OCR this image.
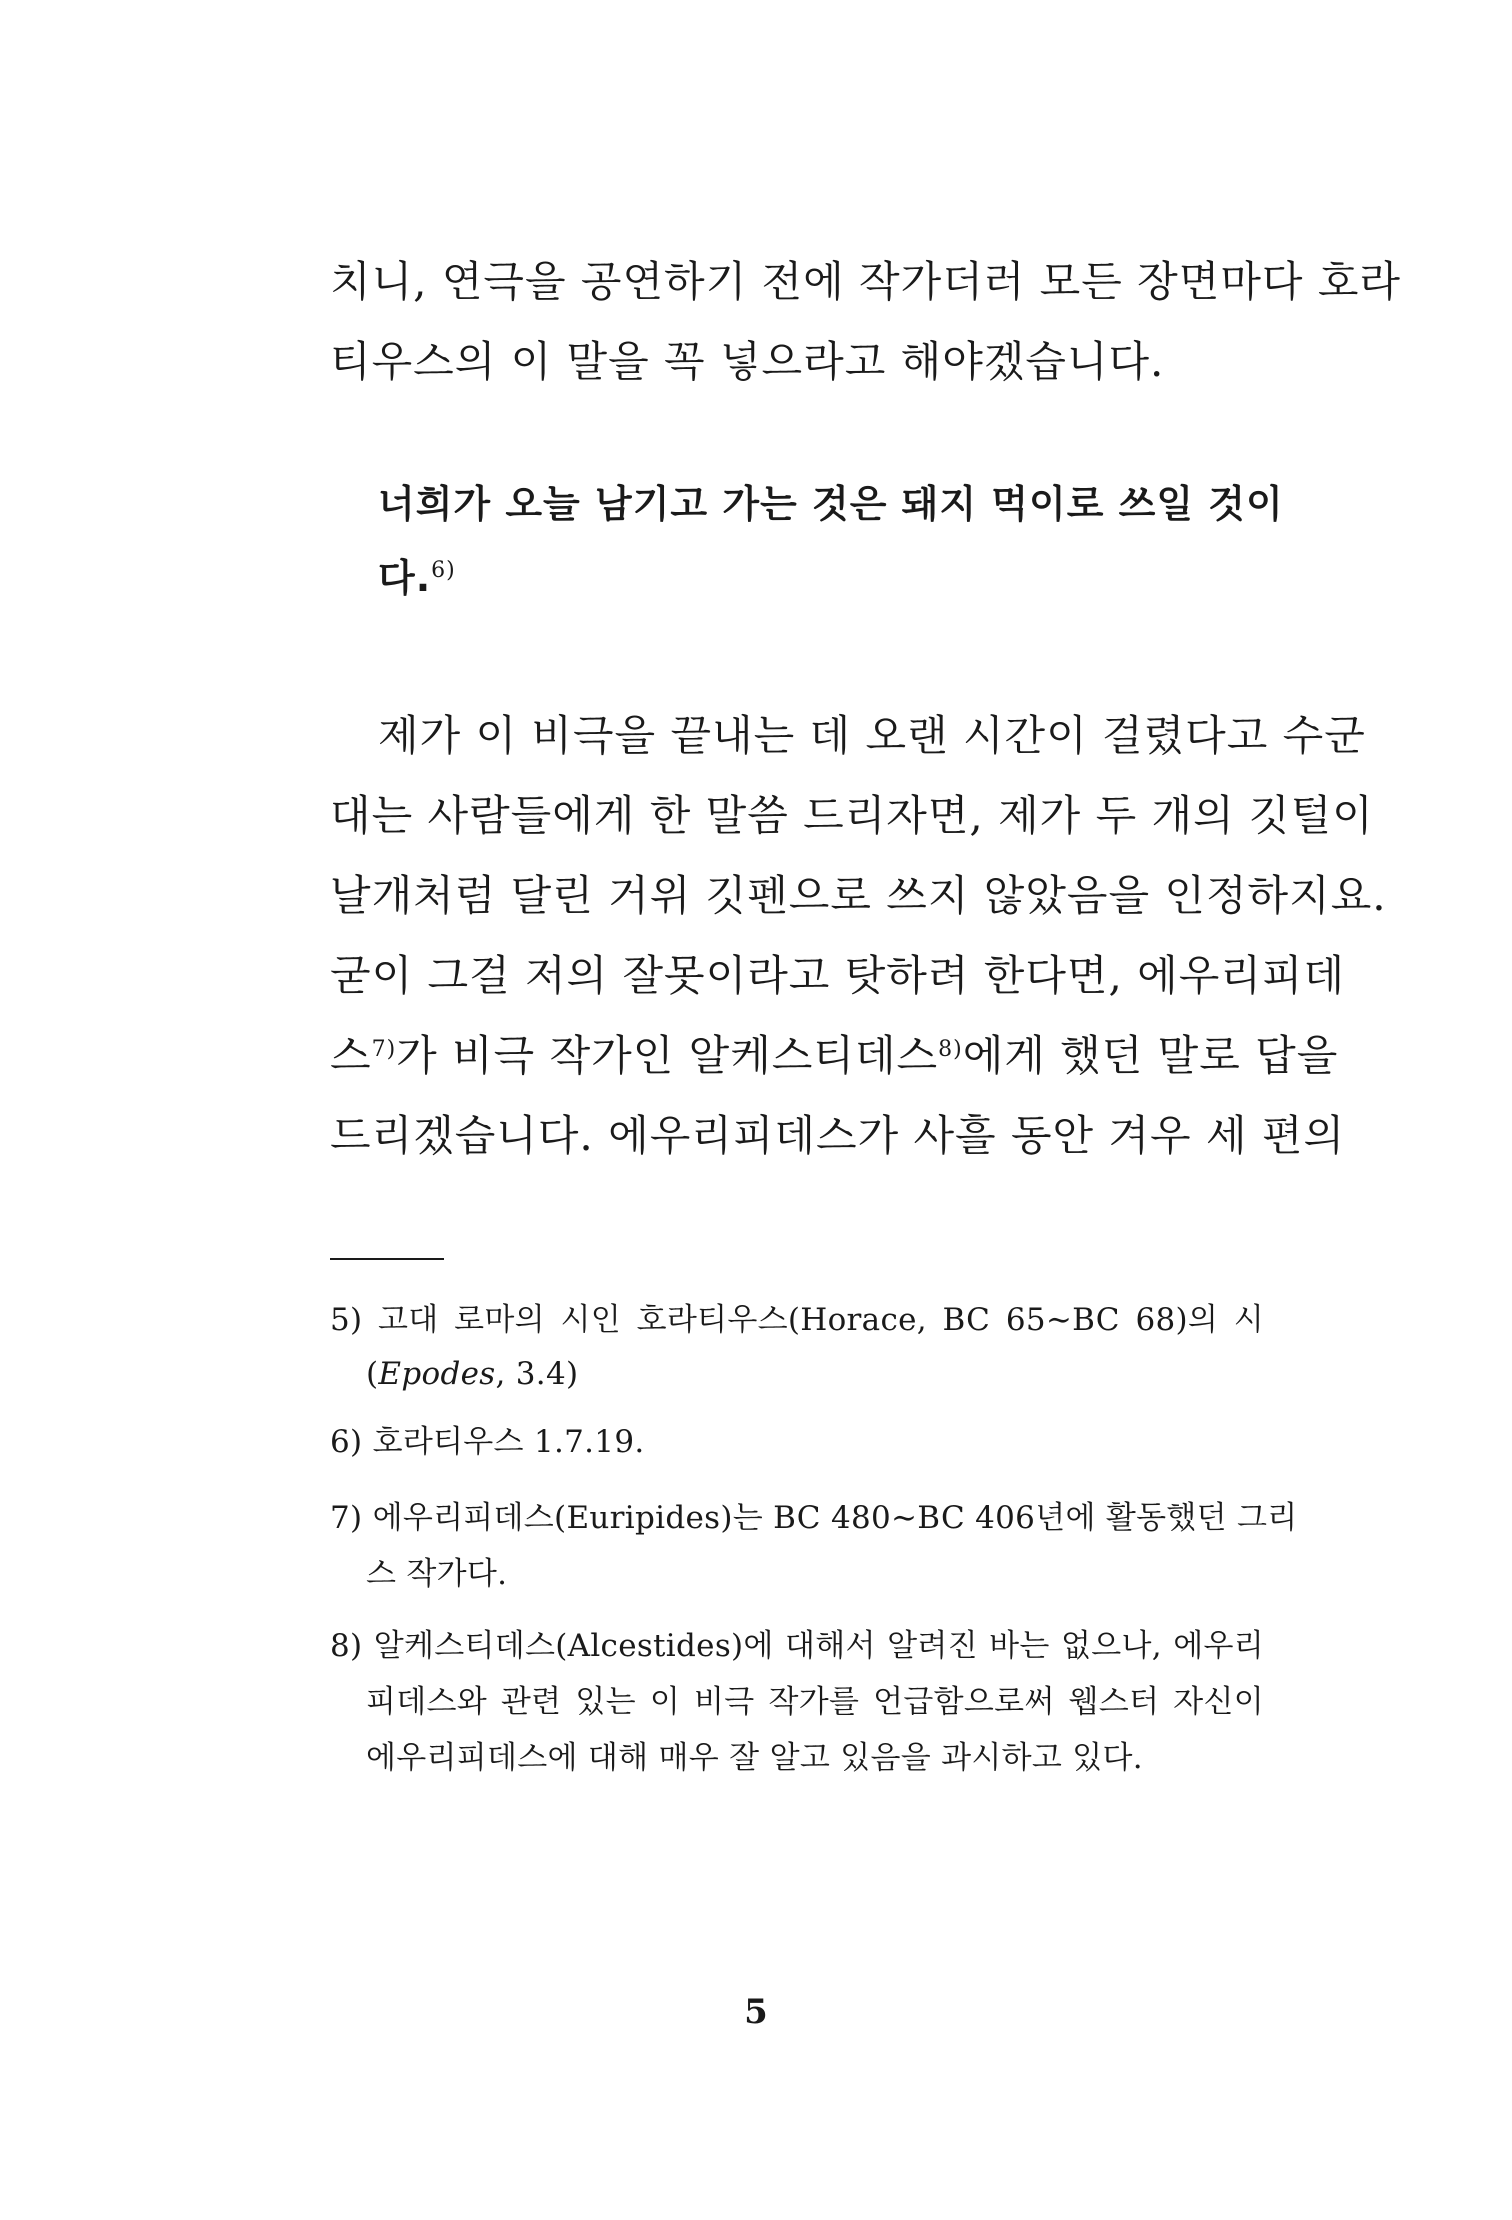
치니, 연극을 공연하기 전에 작가더러 모든 장면마다 호라

티우스의 이 말을 꼭 넣으라고 해야겠습니다.

너희가 오늘 남기고 가는 것은 돼지 먹이로 쓰일 것이

다.$^{6)}$

제가 이 비극을 끝내는 데 오랜 시간이 걸렸다고 수군

대는 사람들에게 한 말씀 드리자면, 제가 두 개의 깃털이

날개처럼 달린 거위 깃펜으로 쓰지 않았음을 인정하지요.

굳이 그걸 저의 잘못이라고 탓하려 한다면, 에우리피데

스$^{7)}$가 비극 작가인 알케스티데스$^{8)}$에게 했던 말로 답을

드리겠습니다. 에우리피데스가 사흘 동안 겨우 세 편의

5) 고대 로마의 시인 호라티우스(Horace, BC 65∼BC 68)의 시

(Epodes, 3.4)

6) 호라티우스 1.7.19.

7) 에우리피데스(Euripides)는 BC 480∼BC 406년에 활동했던 그리

스 작가다.

8) 알케스티데스(Alcestides)에 대해서 알려진 바는 없으나, 에우리

피데스와 관련 있는 이 비극 작가를 언급함으로써 웹스터 자신이

에우리피데스에 대해 매우 잘 알고 있음을 과시하고 있다.

5
